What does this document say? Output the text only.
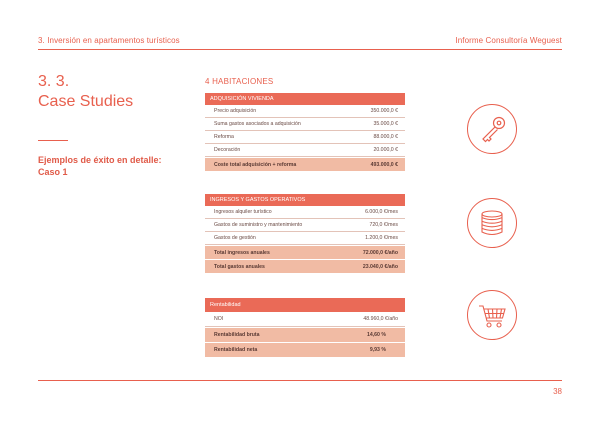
3. Inversión en apartamentos turísticos	Informe Consultoría Weguest
3. 3.
Case Studies
Ejemplos de éxito en detalle:
Caso 1
4 HABITACIONES
ADQUISICIÓN VIVIENDA
Precio adquisición	350.000,0 €
Suma gastos asociados a adquisición	35.000,0 €
Reforma	88.000,0 €
Decoración	20.000,0 €
Coste total adquisición + reforma	493.000,0 €
INGRESOS Y GASTOS OPERATIVOS
Ingresos alquiler turístico	6.000,0 €/mes
Gastos de suministro y mantenimiento	720,0 €/mes
Gastos de gestión	1.200,0 €/mes
Total ingresos anuales	72.000,0 €/año
Total gastos anuales	23.040,0 €/año
Rentabilidad
NOI	48.960,0 €/año
Rentabilidad bruta	14,60 %
Rentabilidad neta	9,93 %
38
